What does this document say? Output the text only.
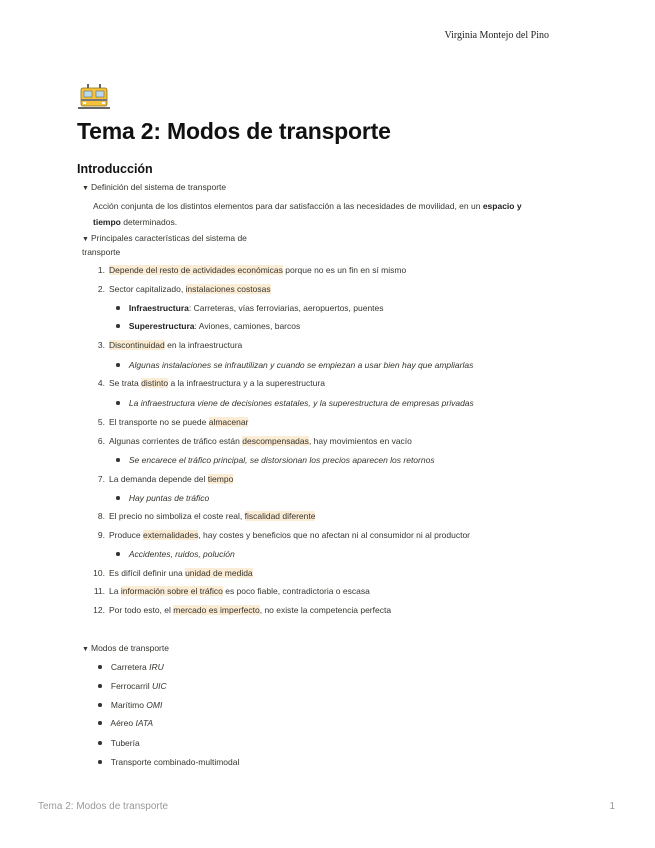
Virginia Montejo del Pino
Tema 2: Modos de transporte
Introducción
▼ Definición del sistema de transporte
Acción conjunta de los distintos elementos para dar satisfacción a las necesidades de movilidad, en un espacio y
tiempo determinados.
▼ Principales características del sistema de
transporte
1. Depende del resto de actividades económicas porque no es un fin en sí mismo
2. Sector capitalizado, instalaciones costosas
Infraestructura: Carreteras, vías ferroviarias, aeropuertos, puentes
Superestructura: Aviones, camiones, barcos
3. Discontinuidad en la infraestructura
Algunas instalaciones se infrautilizan y cuando se empiezan a usar bien hay que ampliarlas
4. Se trata distinto a la infraestructura y a la superestructura
La infraestructura viene de decisiones estatales, y la superestructura de empresas privadas
5. El transporte no se puede almacenar
6. Algunas corrientes de tráfico están descompensadas, hay movimientos en vacío
Se encarece el tráfico principal, se distorsionan los precios aparecen los retornos
7. La demanda depende del tiempo
Hay puntas de tráfico
8. El precio no simboliza el coste real, fiscalidad diferente
9. Produce externalidades, hay costes y beneficios que no afectan ni al consumidor ni al productor
Accidentes, ruidos, polución
10. Es difícil definir una unidad de medida
11. La información sobre el tráfico es poco fiable, contradictoria o escasa
12. Por todo esto, el mercado es imperfecto, no existe la competencia perfecta
▼ Modos de transporte
Carretera IRU
Ferrocarril UIC
Marítimo OMI
Aéreo IATA
Tubería
Transporte combinado-multimodal
Tema 2: Modos de transporte	1
